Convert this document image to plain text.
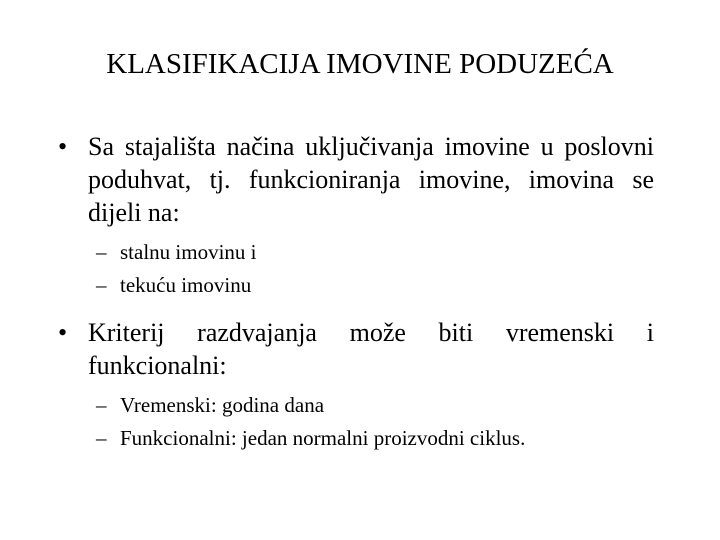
KLASIFIKACIJA IMOVINE PODUZEĆA
• Sa stajališta načina uključivanja imovine u poslovni poduhvat, tj. funkcioniranja imovine, imovina se dijeli na:
– stalnu imovinu i
– tekuću imovinu
• Kriterij razdvajanja može biti vremenski i funkcionalni:
– Vremenski: godina dana
– Funkcionalni: jedan normalni proizvodni ciklus.
